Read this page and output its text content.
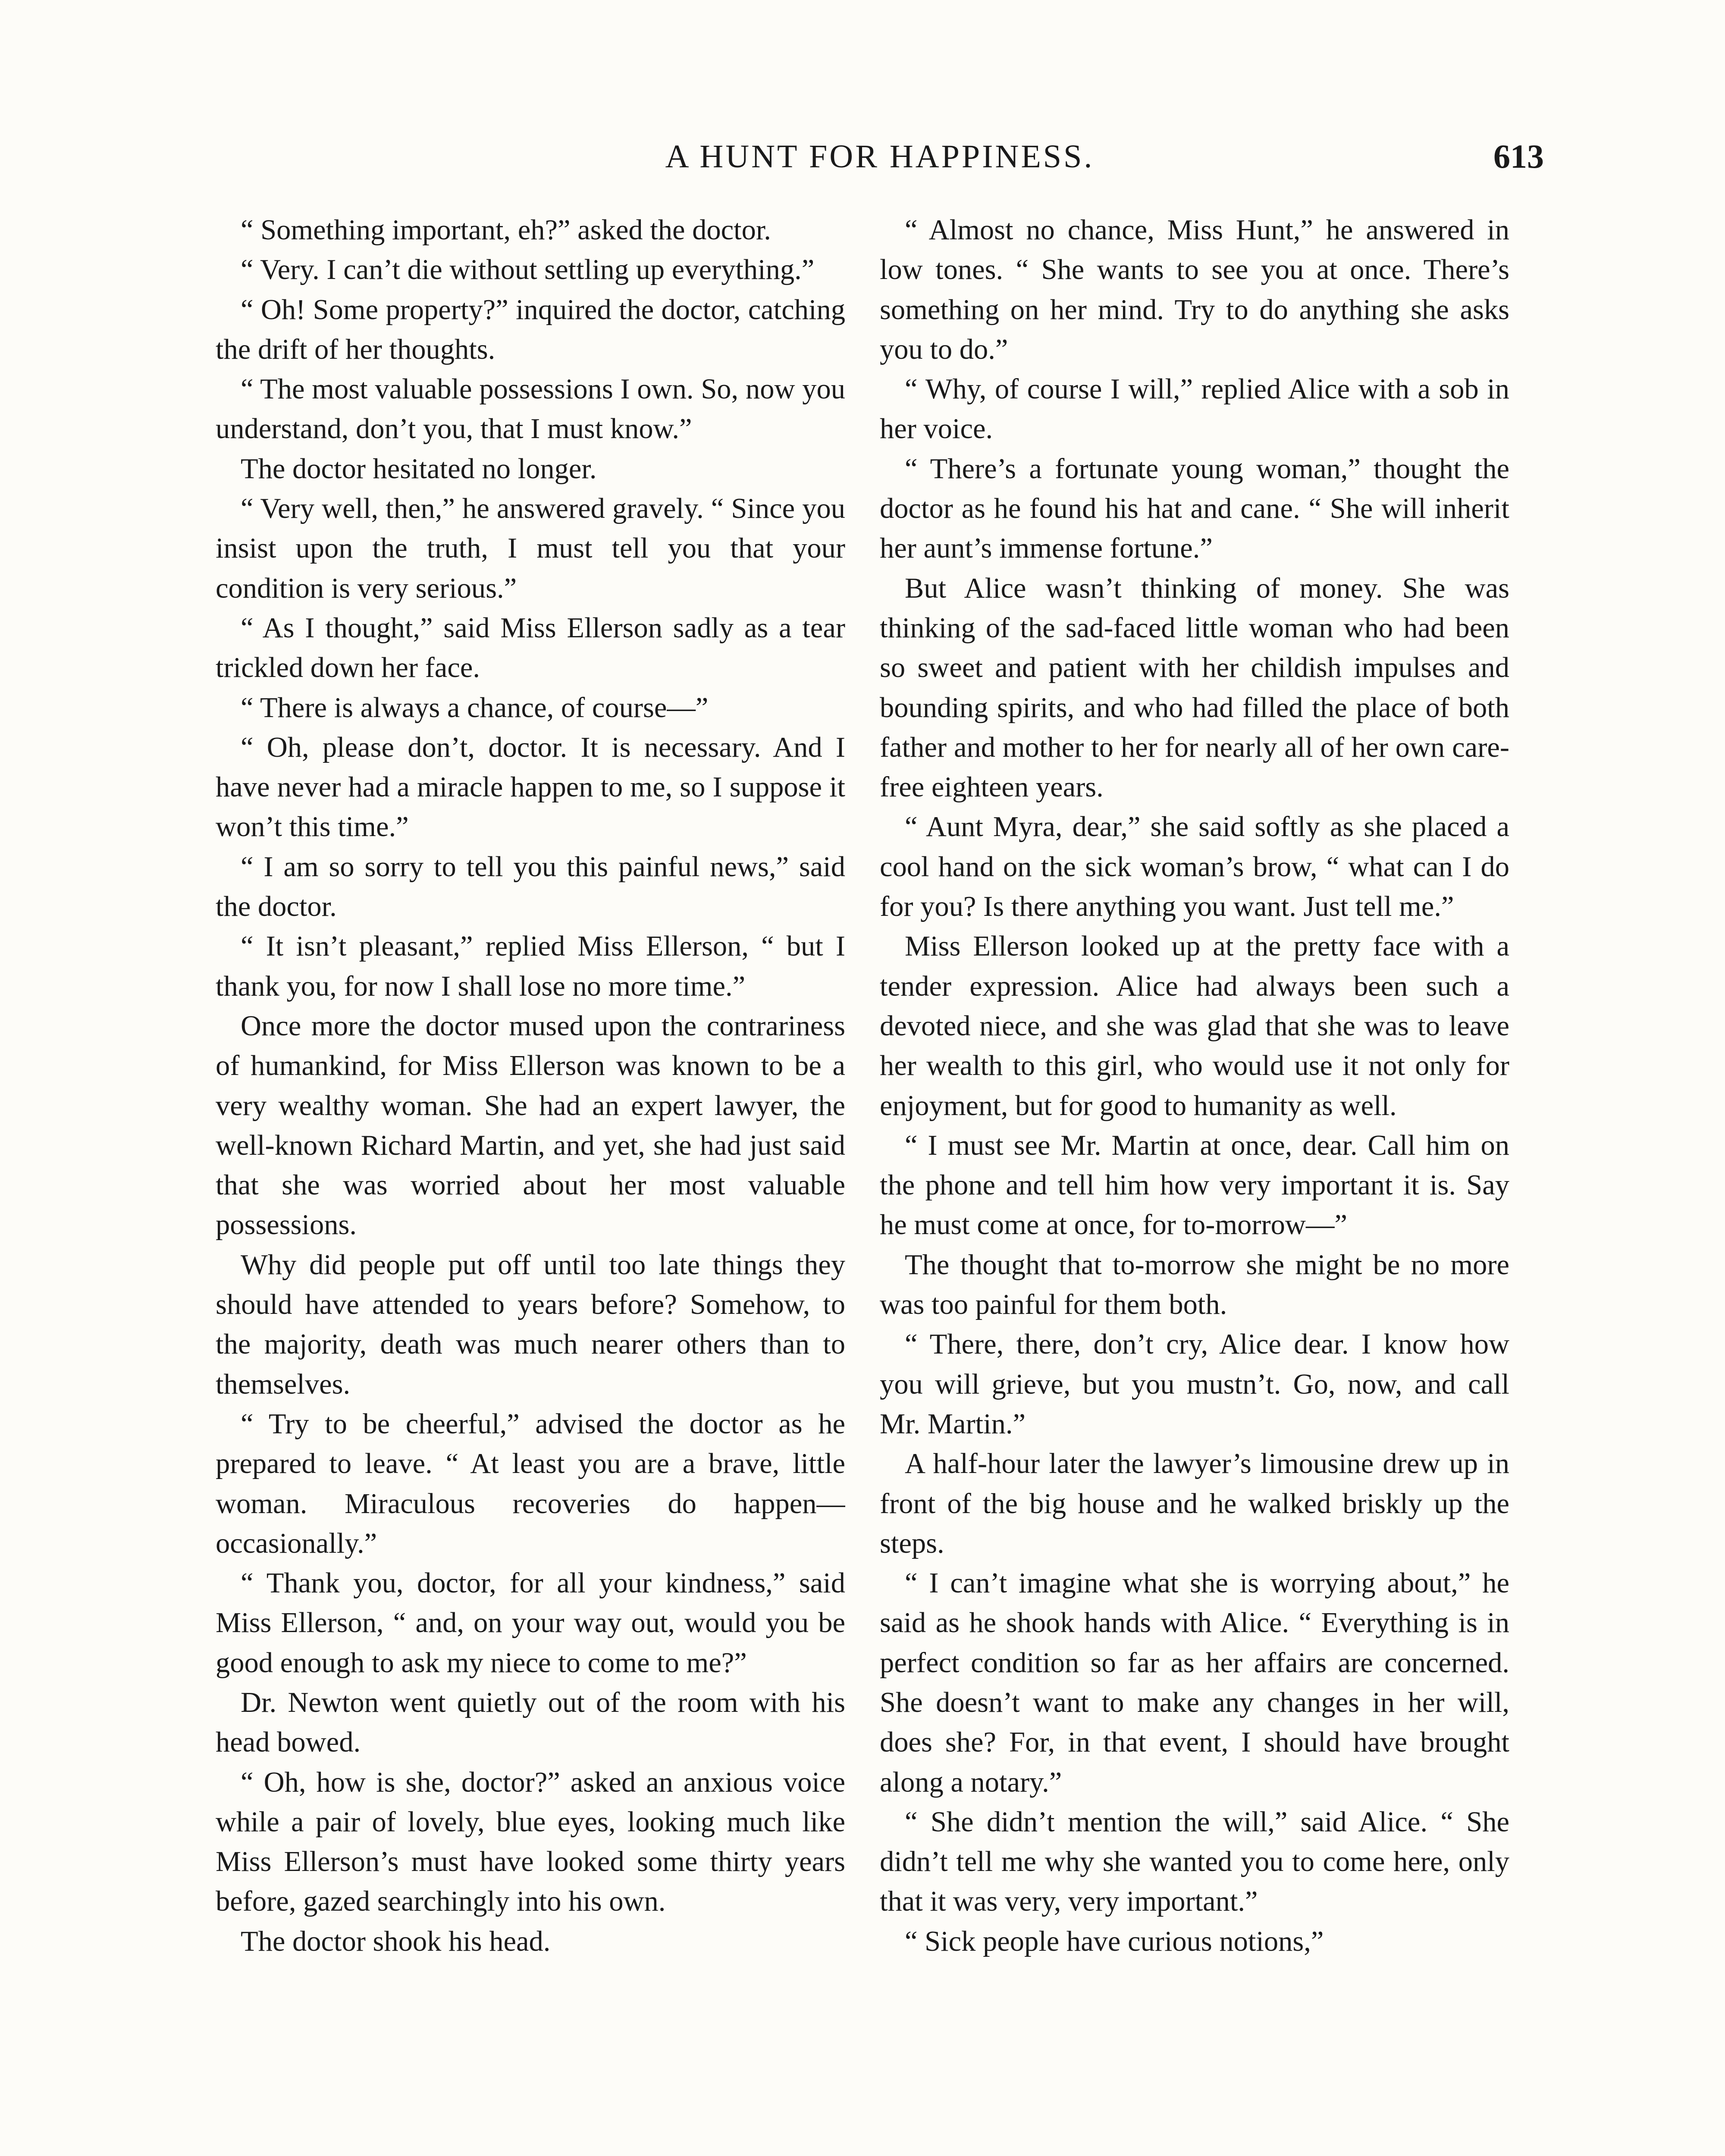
A HUNT FOR HAPPINESS.	613

“ Something important, eh?” asked the doctor.

“ Very. I can’t die without settling up everything.”

“ Oh! Some property?” inquired the doctor, catching the drift of her thoughts.

“ The most valuable possessions I own. So, now you understand, don’t you, that I must know.”

The doctor hesitated no longer.

“ Very well, then,” he answered gravely. “ Since you insist upon the truth, I must tell you that your condition is very serious.”

“ As I thought,” said Miss Ellerson sadly as a tear trickled down her face.

“ There is always a chance, of course—”

“ Oh, please don’t, doctor. It is necessary. And I have never had a miracle happen to me, so I suppose it won’t this time.”

“ I am so sorry to tell you this painful news,” said the doctor.

“ It isn’t pleasant,” replied Miss Ellerson, “ but I thank you, for now I shall lose no more time.”

Once more the doctor mused upon the contrariness of humankind, for Miss Ellerson was known to be a very wealthy woman. She had an expert lawyer, the well-known Richard Martin, and yet, she had just said that she was worried about her most valuable possessions.

Why did people put off until too late things they should have attended to years before? Somehow, to the majority, death was much nearer others than to themselves.

“ Try to be cheerful,” advised the doctor as he prepared to leave. “ At least you are a brave, little woman. Miraculous recoveries do happen—occasionally.”

“ Thank you, doctor, for all your kindness,” said Miss Ellerson, “ and, on your way out, would you be good enough to ask my niece to come to me?”

Dr. Newton went quietly out of the room with his head bowed.

“ Oh, how is she, doctor?” asked an anxious voice while a pair of lovely, blue eyes, looking much like Miss Ellerson’s must have looked some thirty years before, gazed searchingly into his own.

The doctor shook his head.

“ Almost no chance, Miss Hunt,” he answered in low tones. “ She wants to see you at once. There’s something on her mind. Try to do anything she asks you to do.”

“ Why, of course I will,” replied Alice with a sob in her voice.

“ There’s a fortunate young woman,” thought the doctor as he found his hat and cane. “ She will inherit her aunt’s immense fortune.”

But Alice wasn’t thinking of money. She was thinking of the sad-faced little woman who had been so sweet and patient with her childish impulses and bounding spirits, and who had filled the place of both father and mother to her for nearly all of her own care-free eighteen years.

“ Aunt Myra, dear,” she said softly as she placed a cool hand on the sick woman’s brow, “ what can I do for you? Is there anything you want. Just tell me.”

Miss Ellerson looked up at the pretty face with a tender expression. Alice had always been such a devoted niece, and she was glad that she was to leave her wealth to this girl, who would use it not only for enjoyment, but for good to humanity as well.

“ I must see Mr. Martin at once, dear. Call him on the phone and tell him how very important it is. Say he must come at once, for to-morrow—”

The thought that to-morrow she might be no more was too painful for them both.

“ There, there, don’t cry, Alice dear. I know how you will grieve, but you mustn’t. Go, now, and call Mr. Martin.”

A half-hour later the lawyer’s limousine drew up in front of the big house and he walked briskly up the steps.

“ I can’t imagine what she is worrying about,” he said as he shook hands with Alice. “ Everything is in perfect condition so far as her affairs are concerned. She doesn’t want to make any changes in her will, does she? For, in that event, I should have brought along a notary.”

“ She didn’t mention the will,” said Alice. “ She didn’t tell me why she wanted you to come here, only that it was very, very important.”

“ Sick people have curious notions,”
